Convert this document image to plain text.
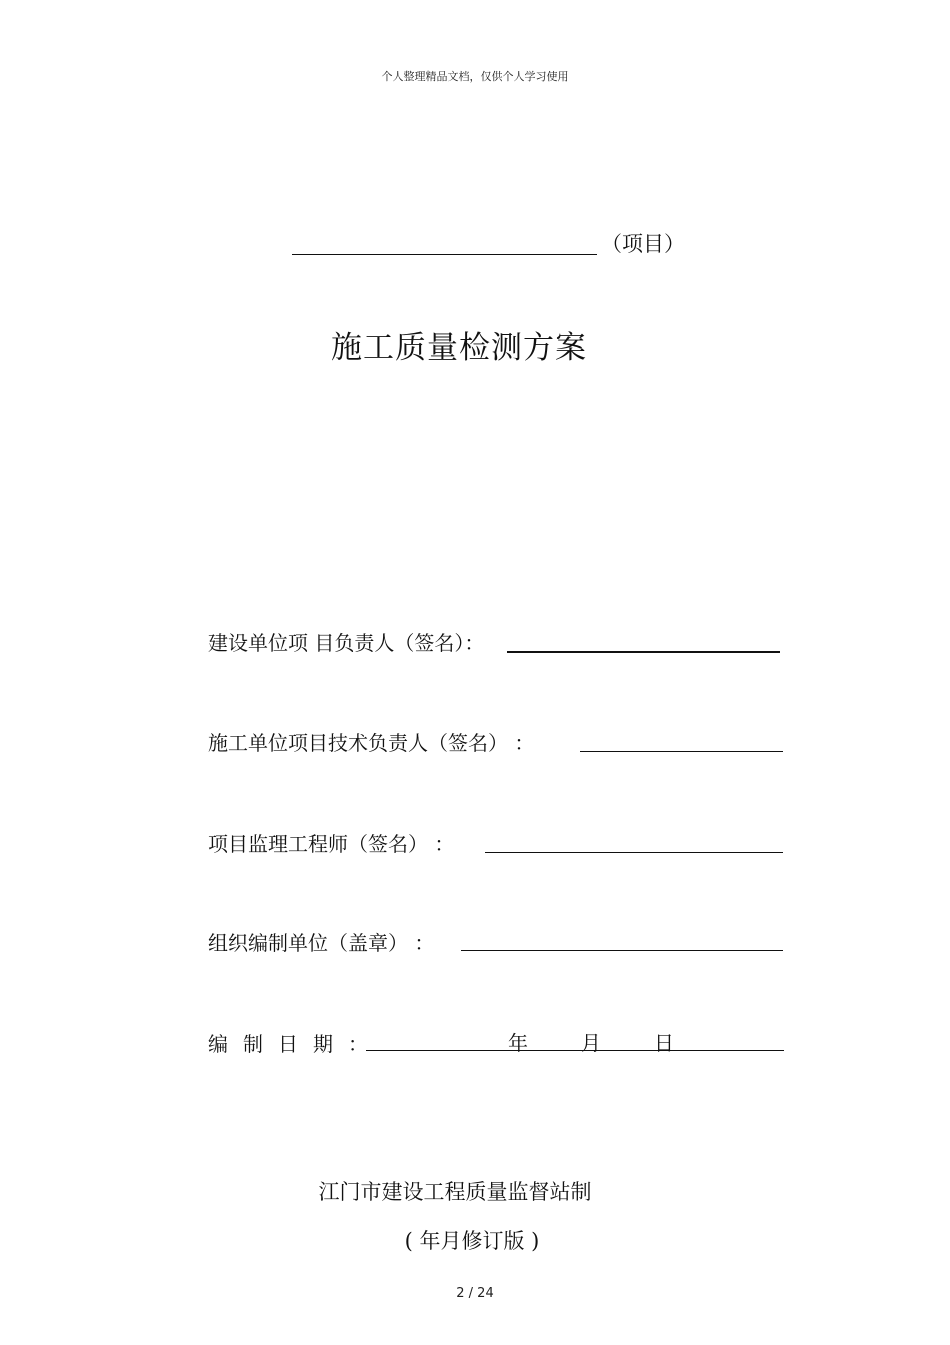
个人整理精品文档，仅供个人学习使用
（项目）
施工质量检测方案
建设单位项 目负责人（签名）：
施工单位项目技术负责人（签名） ：
项目监理工程师（签名） ：
组织编制单位（盖章） ：
编制日期：	年	月	日
江门市建设工程质量监督站制
( 年月修订版 )
2 / 24
